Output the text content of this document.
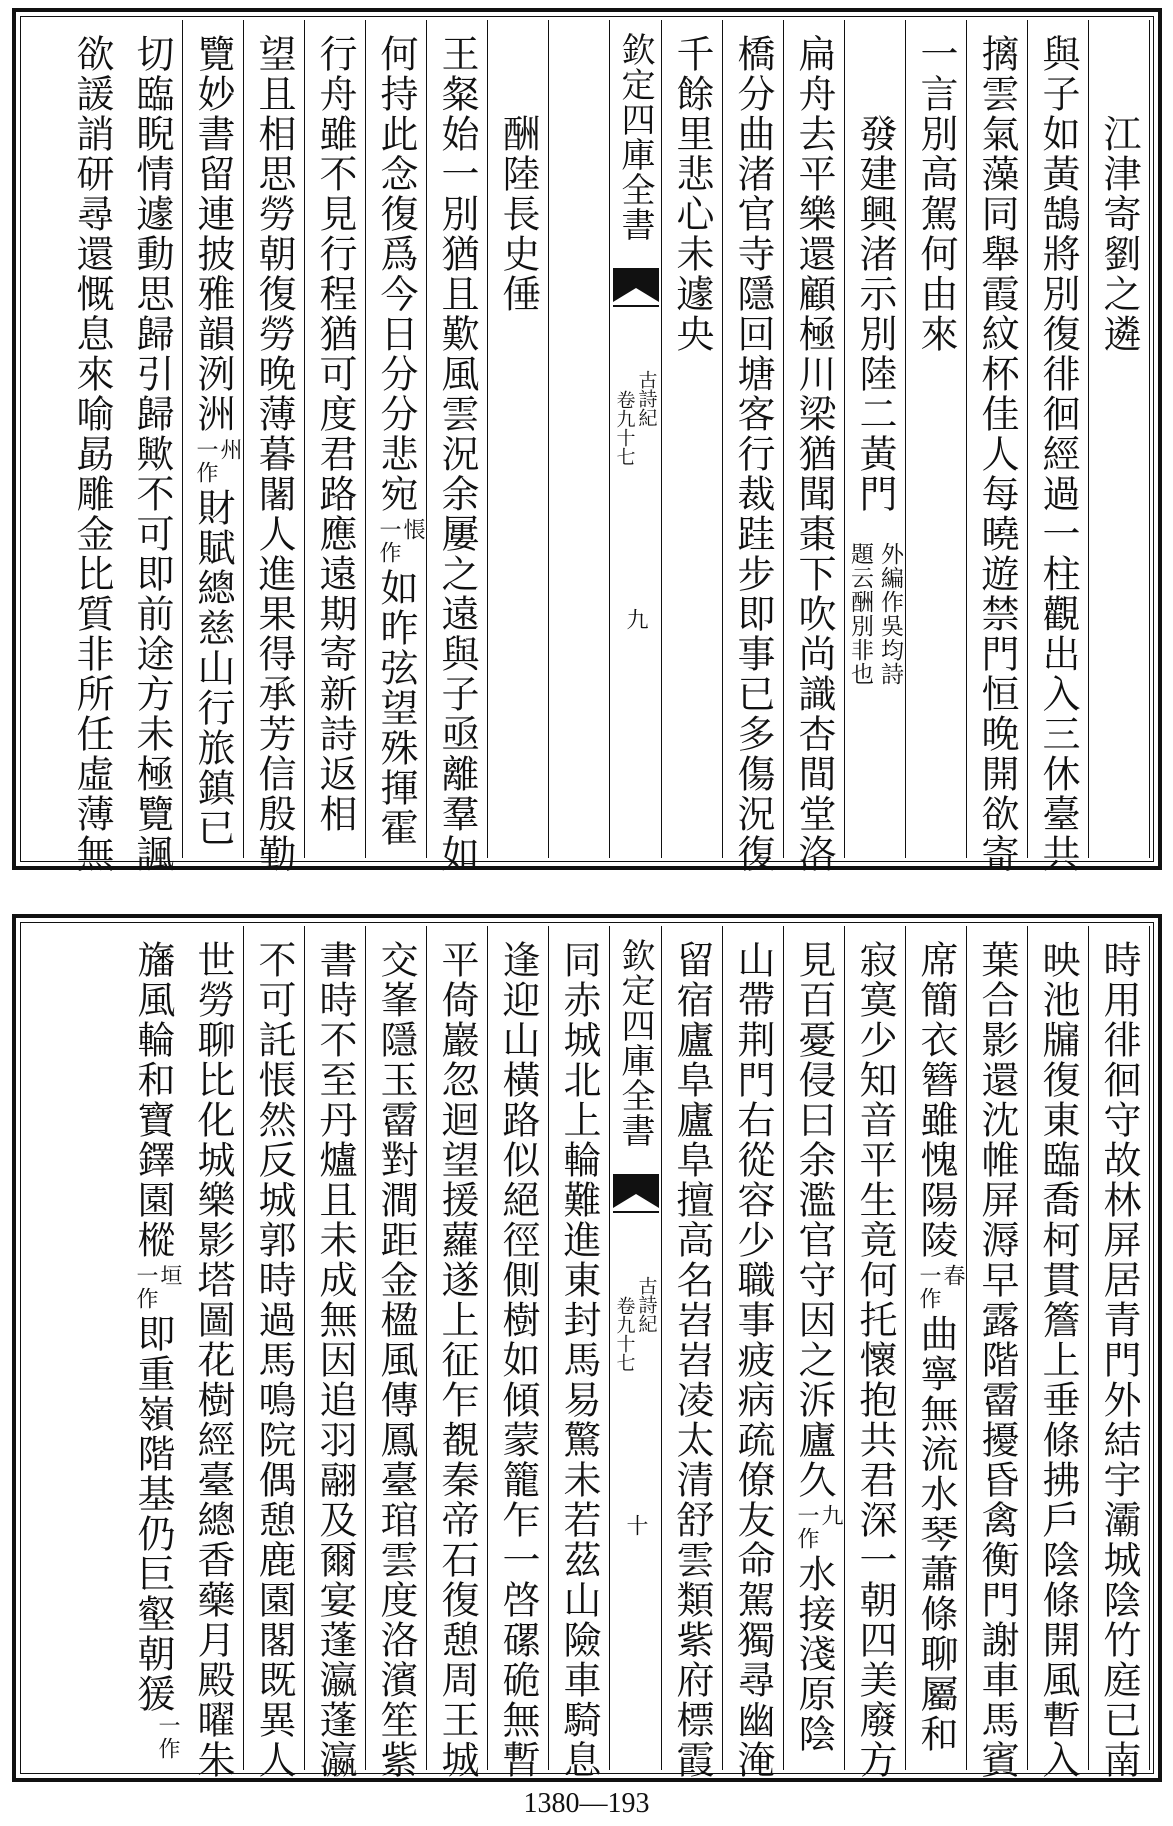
江津寄劉之遴
與子如黃鵠將別復徘徊經過一柱觀出入三休臺共
摛雲氣藻同舉霞紋杯佳人每曉遊禁門恒晚開欲寄
一言別高駕何由來
發建興渚示別陸二黃門
外編作吳均詩
題云酬別非也
扁舟去平樂還顧極川梁猶聞棗下吹尚識杏間堂洛
橋分曲渚官寺隱回塘客行裁跬步即事已多傷況復
千餘里悲心未遽央
欽定四庫全書
古詩紀
卷九十七
九
酬陸長史倕
王粲始一別猶且歎風雲況余屢之遠與子亟離羣如
何持此念復爲今日分分悲宛一作悵如昨弦望殊揮霍
行舟雖不見行程猶可度君路應遠期寄新詩返相
望且相思勞朝復勞晚薄暮闍人進果得承芳信殷勤
覽妙書留連披雅韻洌洲一作州財賦總慈山行旅鎮已
切臨睨情遽動思歸引歸歟不可即前途方未極覽諷
欲諼誚研尋還慨息來喻勗雕金比質非所任虛薄無
時用徘徊守故林屏居青門外結宇灞城陰竹庭已南
映池牖復東臨喬柯貫簷上垂條拂戶陰條開風暫入
葉合影還沈帷屏溽早露階霤擾昏禽衡門謝車馬賓
席簡衣簪雖愧陽陵一作春曲寧無流水琴蕭條聊屬和
寂寞少知音平生竟何托懷抱共君深一朝四美廢方
見百憂侵曰余濫官守因之泝廬久一作九水接淺原陰
山帶荆門右從容少職事疲病疏僚友命駕獨尋幽淹
留宿廬阜廬阜擅高名岧岧凌太清舒雲類紫府標霞
欽定四庫全書
古詩紀
卷九十七
十
同赤城北上輪難進東封馬易驚未若茲山險車騎息
逢迎山橫路似絕徑側樹如傾蒙籠乍一啓磥硊無暫
平倚巖忽迴望援蘿遂上征乍覩秦帝石復憩周王城
交峯隱玉霤對澗距金楹風傳鳳臺琯雲度洛濱笙紫
書時不至丹爐且未成無因追羽翮及爾宴蓬瀛蓬瀛
不可託悵然反城郭時過馬鳴院偶憩鹿園閣既異人
世勞聊比化城樂影塔圖花樹經臺總香藥月殿曜朱
旛風輪和寶鐸園樅一作垣即重嶺階基仍巨壑朝猨
一
作
1380—193
